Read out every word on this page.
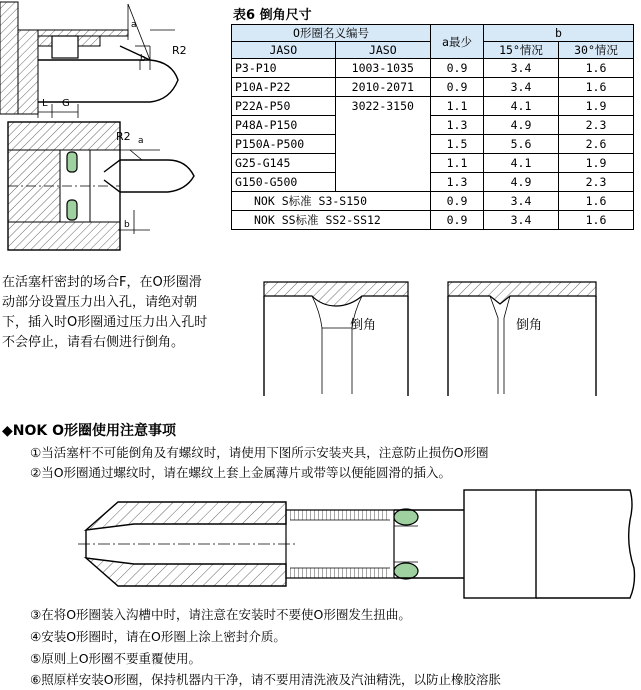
R2
b
a
L G
R2
b
a
表6 倒角尺寸
O形圈名义编号		a最少	b	
JASO	JASO		15°情况	30°情况
P3-P10	1003-1035	0.9	3.4	1.6
P10A-P22	2010-2071	0.9	3.4	1.6
P22A-P50	3022-3150	1.1	4.1	1.9
P48A-P150		1.3	4.9	2.3
P150A-P500		1.5	5.6	2.6
G25-G145		1.1	4.1	1.9
G150-G500		1.3	4.9	2.3
NOK S标准 S3-S150		0.9	3.4	1.6
NOK SS标准 SS2-SS12		0.9	3.4	1.6
倒角	倒角
在活塞杆密封的场合F，在O形圈滑动部分设置压力出入孔，请绝对朝下，插入时O形圈通过压力出入孔时不会停止，请看右侧进行倒角。
◆NOK O形圈使用注意事项
①当活塞杆不可能倒角及有螺纹时，请使用下图所示安装夹具，注意防止损伤O形圈
②当O形圈通过螺纹时，请在螺纹上套上金属薄片或带等以便能圆滑的插入。
③在将O形圈装入沟槽中时，请注意在安装时不要使O形圈发生扭曲。
④安装O形圈时，请在O形圈上涂上密封介质。
⑤原则上O形圈不要重覆使用。
⑥照原样安装O形圈，保持机器内干净，请不要用清洗液及汽油精洗，以防止橡胶溶胀
